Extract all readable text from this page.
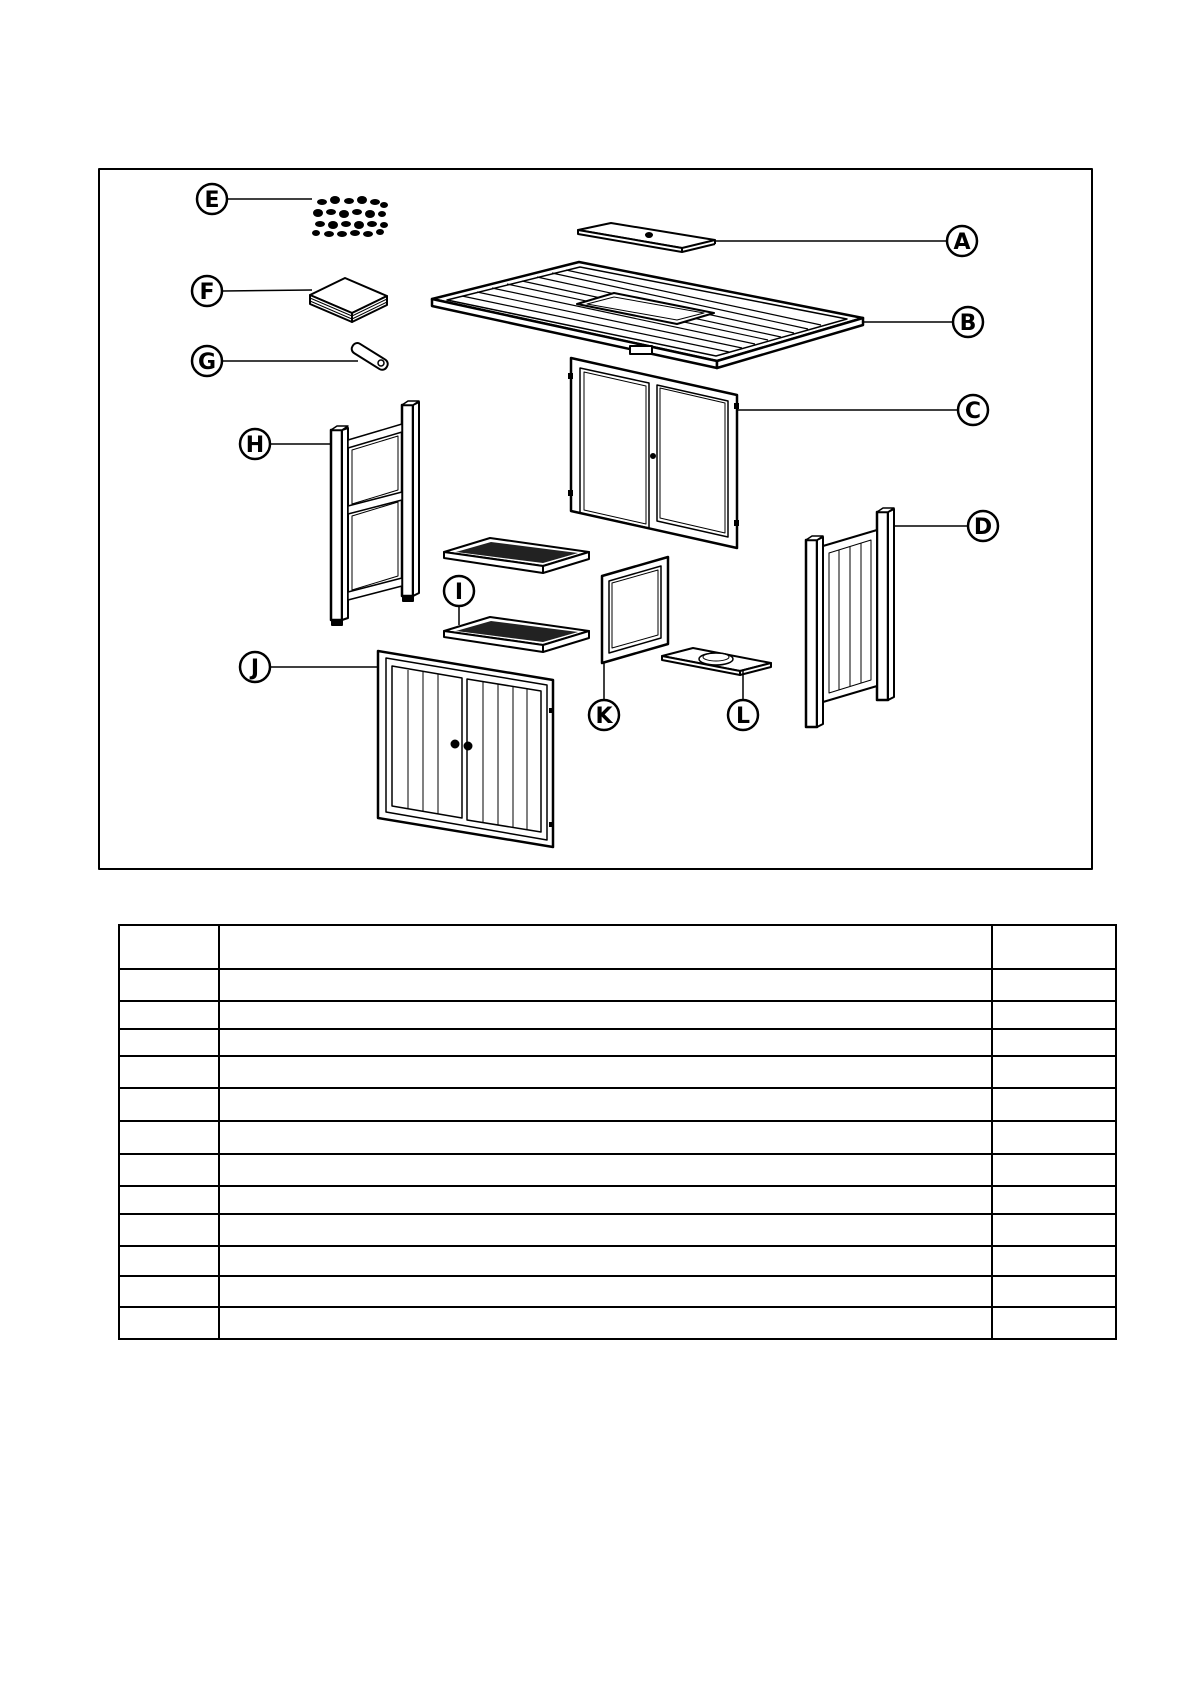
E
F
G
H
A
B
C
D
I
J
K	L
